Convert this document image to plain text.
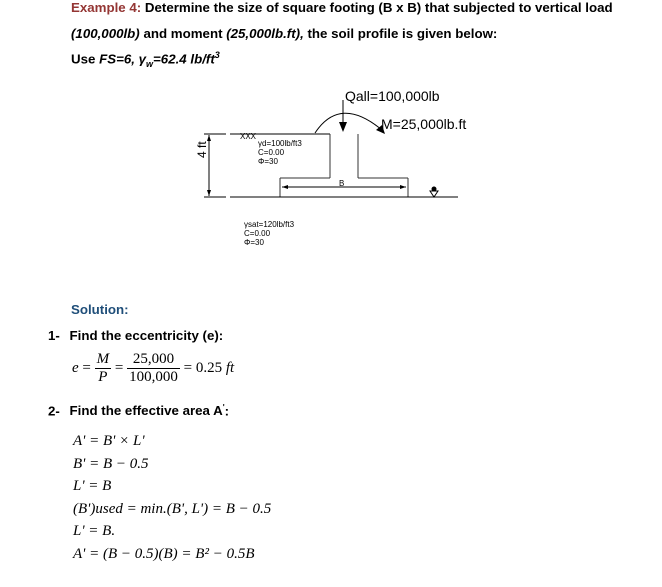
Example 4: Determine the size of square footing (B x B) that subjected to vertical load
(100,000lb) and moment (25,000lb.ft), the soil profile is given below:
Use FS=6, $\gamma_w=62.4$ $lb/ft^3$
Qall=100,000lb
M=25,000lb.ft
XXX
γd=100lb/ft3
C=0.00
Φ=30
B
4 ft
γsat=120lb/ft3
C=0.00
Φ=30
Solution:
1- Find the eccentricity (e):
$e = \frac{M}{P} = \frac{25,000}{100,000} = 0.25$ ft
2- Find the effective area A':
A' = B' × L'
B' = B − 0.5
L' = B
(B')used = min.(B', L') = B − 0.5
L' = B.
A' = (B − 0.5)(B) = B² − 0.5B
